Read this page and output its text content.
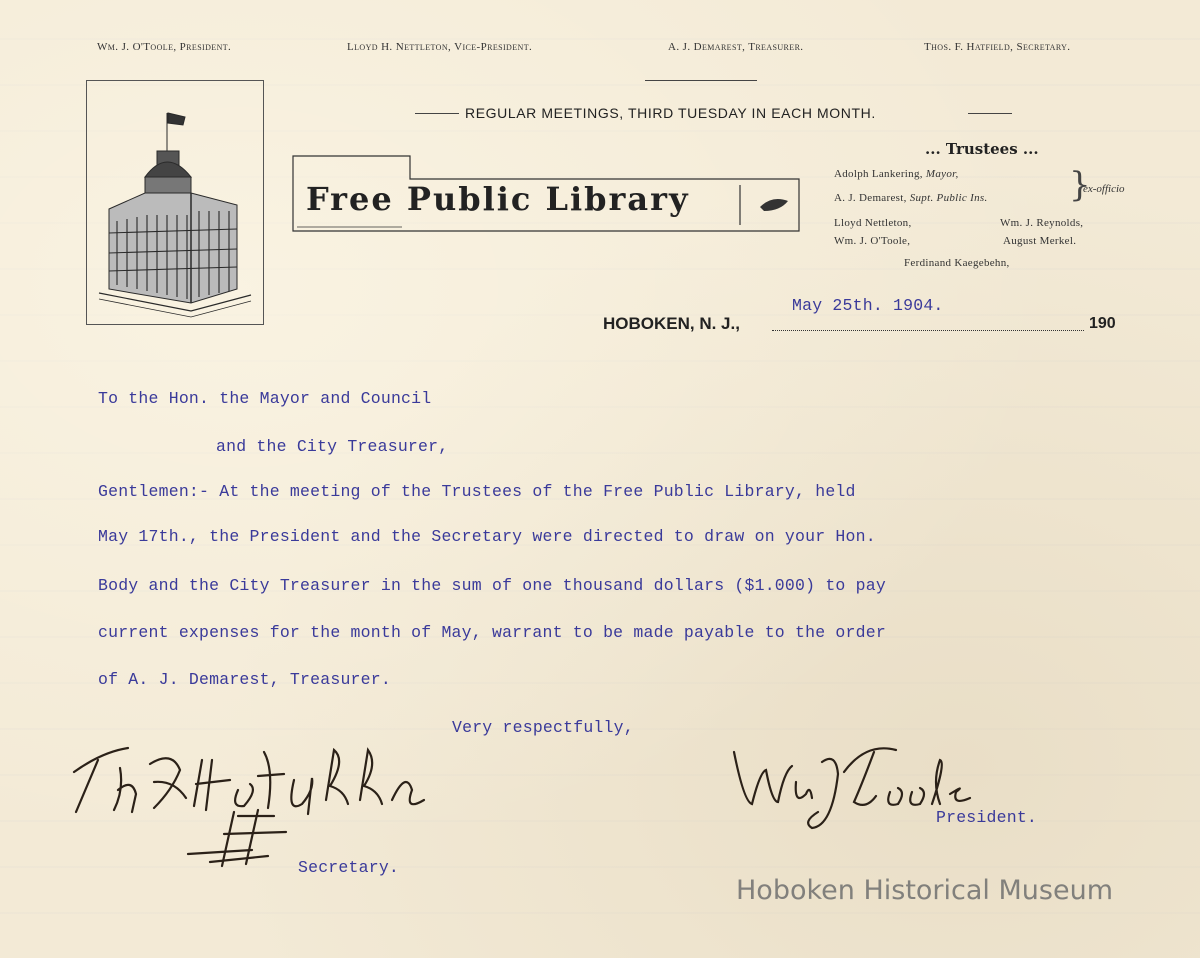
Wm. J. O'Toole, President.	Lloyd H. Nettleton, Vice-President.	A. J. Demarest, Treasurer.	Thos. F. Hatfield, Secretary.
REGULAR MEETINGS, THIRD TUESDAY IN EACH MONTH.
Free Public Library
... Trustees ...
Adolph Lankering, Mayor,
A. J. Demarest, Supt. Public Ins. }
ex-officio
Lloyd Nettleton,	Wm. J. Reynolds,
Wm. J. O'Toole,	August Merkel.
Ferdinand Kaegebehn,
HOBOKEN, N. J.,
May 25th. 1904.
190
To the Hon. the Mayor and Council
and the City Treasurer,
Gentlemen:- At the meeting of the Trustees of the Free Public Library, held
May 17th., the President and the Secretary were directed to draw on your Hon.
Body and the City Treasurer in the sum of one thousand dollars ($1.000) to pay
current expenses for the month of May, warrant to be made payable to the order
of A. J. Demarest, Treasurer.
Very respectfully,
Secretary.
President.
Hoboken Historical Museum
